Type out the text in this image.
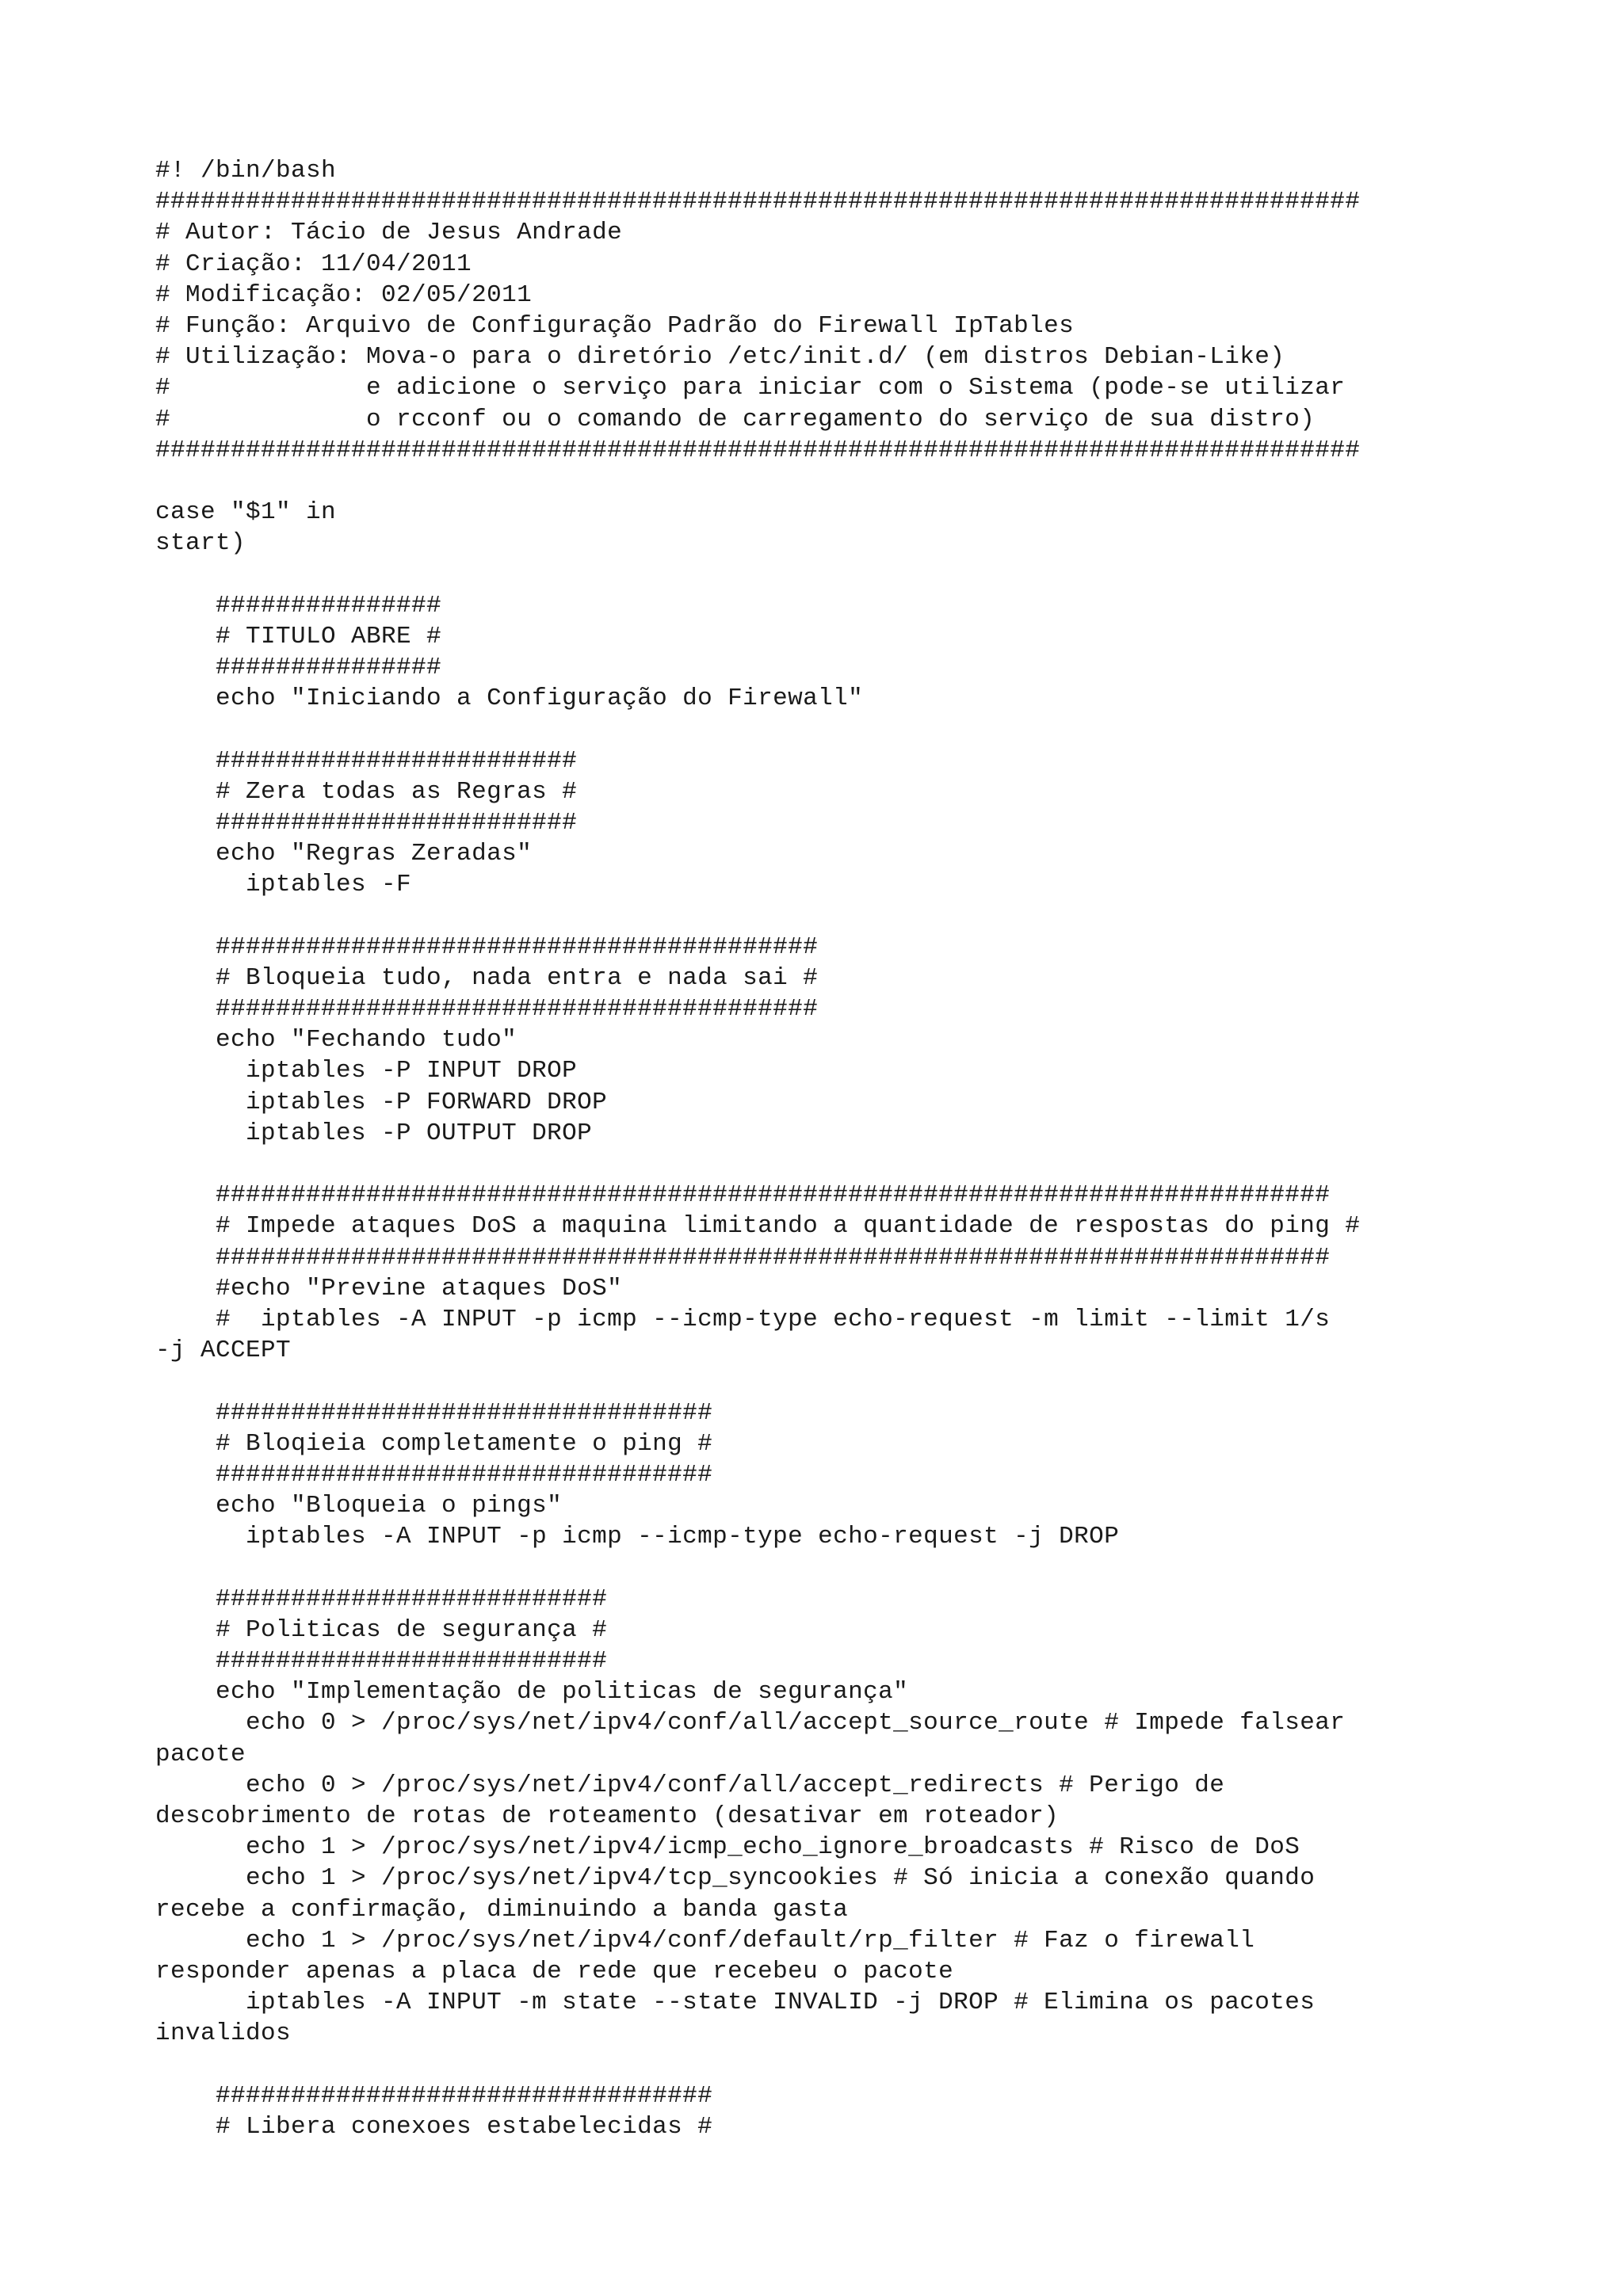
#! /bin/bash
################################################################################
# Autor: Tácio de Jesus Andrade
# Criação: 11/04/2011
# Modificação: 02/05/2011
# Função: Arquivo de Configuração Padrão do Firewall IpTables
# Utilização: Mova-o para o diretório /etc/init.d/ (em distros Debian-Like)
#             e adicione o serviço para iniciar com o Sistema (pode-se utilizar
#             o rcconf ou o comando de carregamento do serviço de sua distro)
################################################################################

case "$1" in
start)

###############
# TITULO ABRE #
###############
echo "Iniciando a Configuração do Firewall"

########################
# Zera todas as Regras #
########################
echo "Regras Zeradas"
iptables -F

########################################
# Bloqueia tudo, nada entra e nada sai #
########################################
echo "Fechando tudo"
iptables -P INPUT DROP
iptables -P FORWARD DROP
iptables -P OUTPUT DROP

##########################################################################
# Impede ataques DoS a maquina limitando a quantidade de respostas do ping #
##########################################################################
#echo "Previne ataques DoS"
#  iptables -A INPUT -p icmp --icmp-type echo-request -m limit --limit 1/s
-j ACCEPT

#################################
# Bloqieia completamente o ping #
#################################
echo "Bloqueia o pings"
iptables -A INPUT -p icmp --icmp-type echo-request -j DROP

##########################
# Politicas de segurança #
##########################
echo "Implementação de politicas de segurança"
echo 0 > /proc/sys/net/ipv4/conf/all/accept_source_route # Impede falsear
pacote
echo 0 > /proc/sys/net/ipv4/conf/all/accept_redirects # Perigo de
descobrimento de rotas de roteamento (desativar em roteador)
echo 1 > /proc/sys/net/ipv4/icmp_echo_ignore_broadcasts # Risco de DoS
echo 1 > /proc/sys/net/ipv4/tcp_syncookies # Só inicia a conexão quando
recebe a confirmação, diminuindo a banda gasta
echo 1 > /proc/sys/net/ipv4/conf/default/rp_filter # Faz o firewall
responder apenas a placa de rede que recebeu o pacote
iptables -A INPUT -m state --state INVALID -j DROP # Elimina os pacotes
invalidos

#################################
# Libera conexoes estabelecidas #
